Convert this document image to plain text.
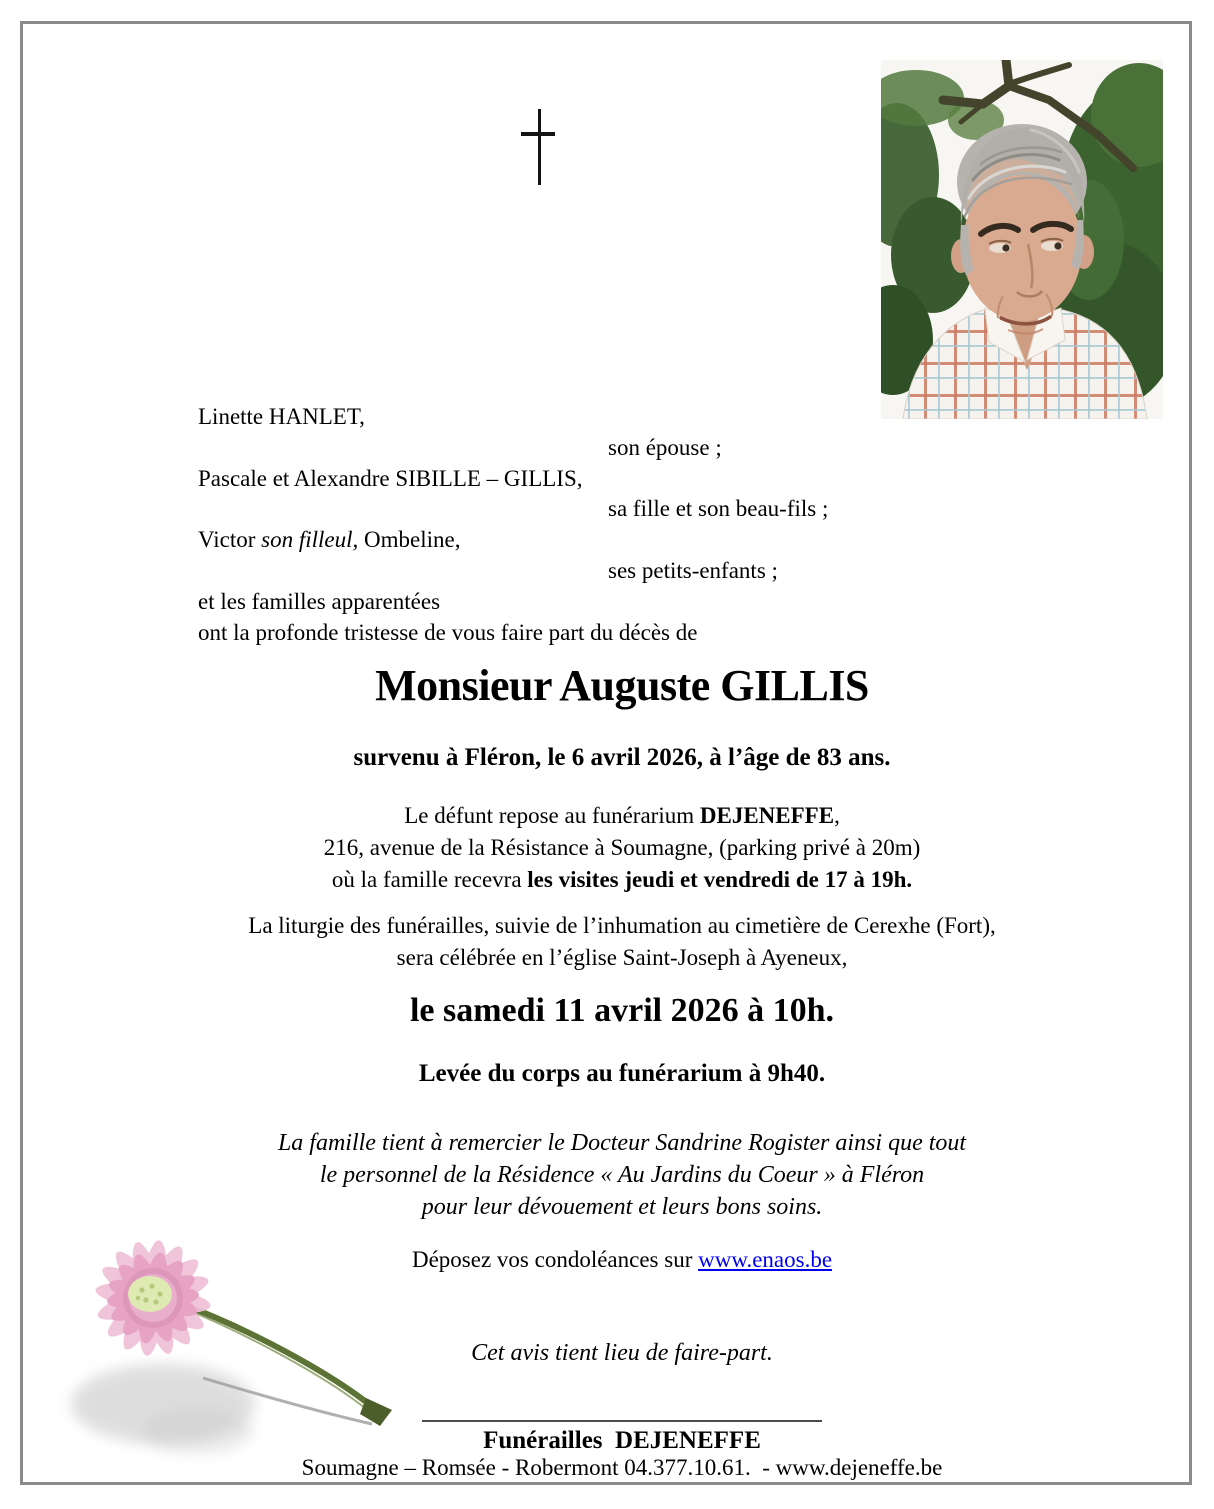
Linette HANLET,
son épouse ;
Pascale et Alexandre SIBILLE – GILLIS,
sa fille et son beau-fils ;
Victor son filleul, Ombeline,
ses petits-enfants ;
et les familles apparentées
ont la profonde tristesse de vous faire part du décès de
Monsieur Auguste GILLIS
survenu à Fléron, le 6 avril 2026, à l’âge de 83 ans.
Le défunt repose au funérarium DEJENEFFE,
216, avenue de la Résistance à Soumagne, (parking privé à 20m)
où la famille recevra les visites jeudi et vendredi de 17 à 19h.
La liturgie des funérailles, suivie de l’inhumation au cimetière de Cerexhe (Fort),
sera célébrée en l’église Saint-Joseph à Ayeneux,
le samedi 11 avril 2026 à 10h.
Levée du corps au funérarium à 9h40.
La famille tient à remercier le Docteur Sandrine Rogister ainsi que tout
le personnel de la Résidence « Au Jardins du Coeur » à Fléron
pour leur dévouement et leurs bons soins.
Déposez vos condoléances sur www.enaos.be
Cet avis tient lieu de faire-part.
Funérailles  DEJENEFFE
Soumagne – Romsée - Robermont 04.377.10.61.  - www.dejeneffe.be
